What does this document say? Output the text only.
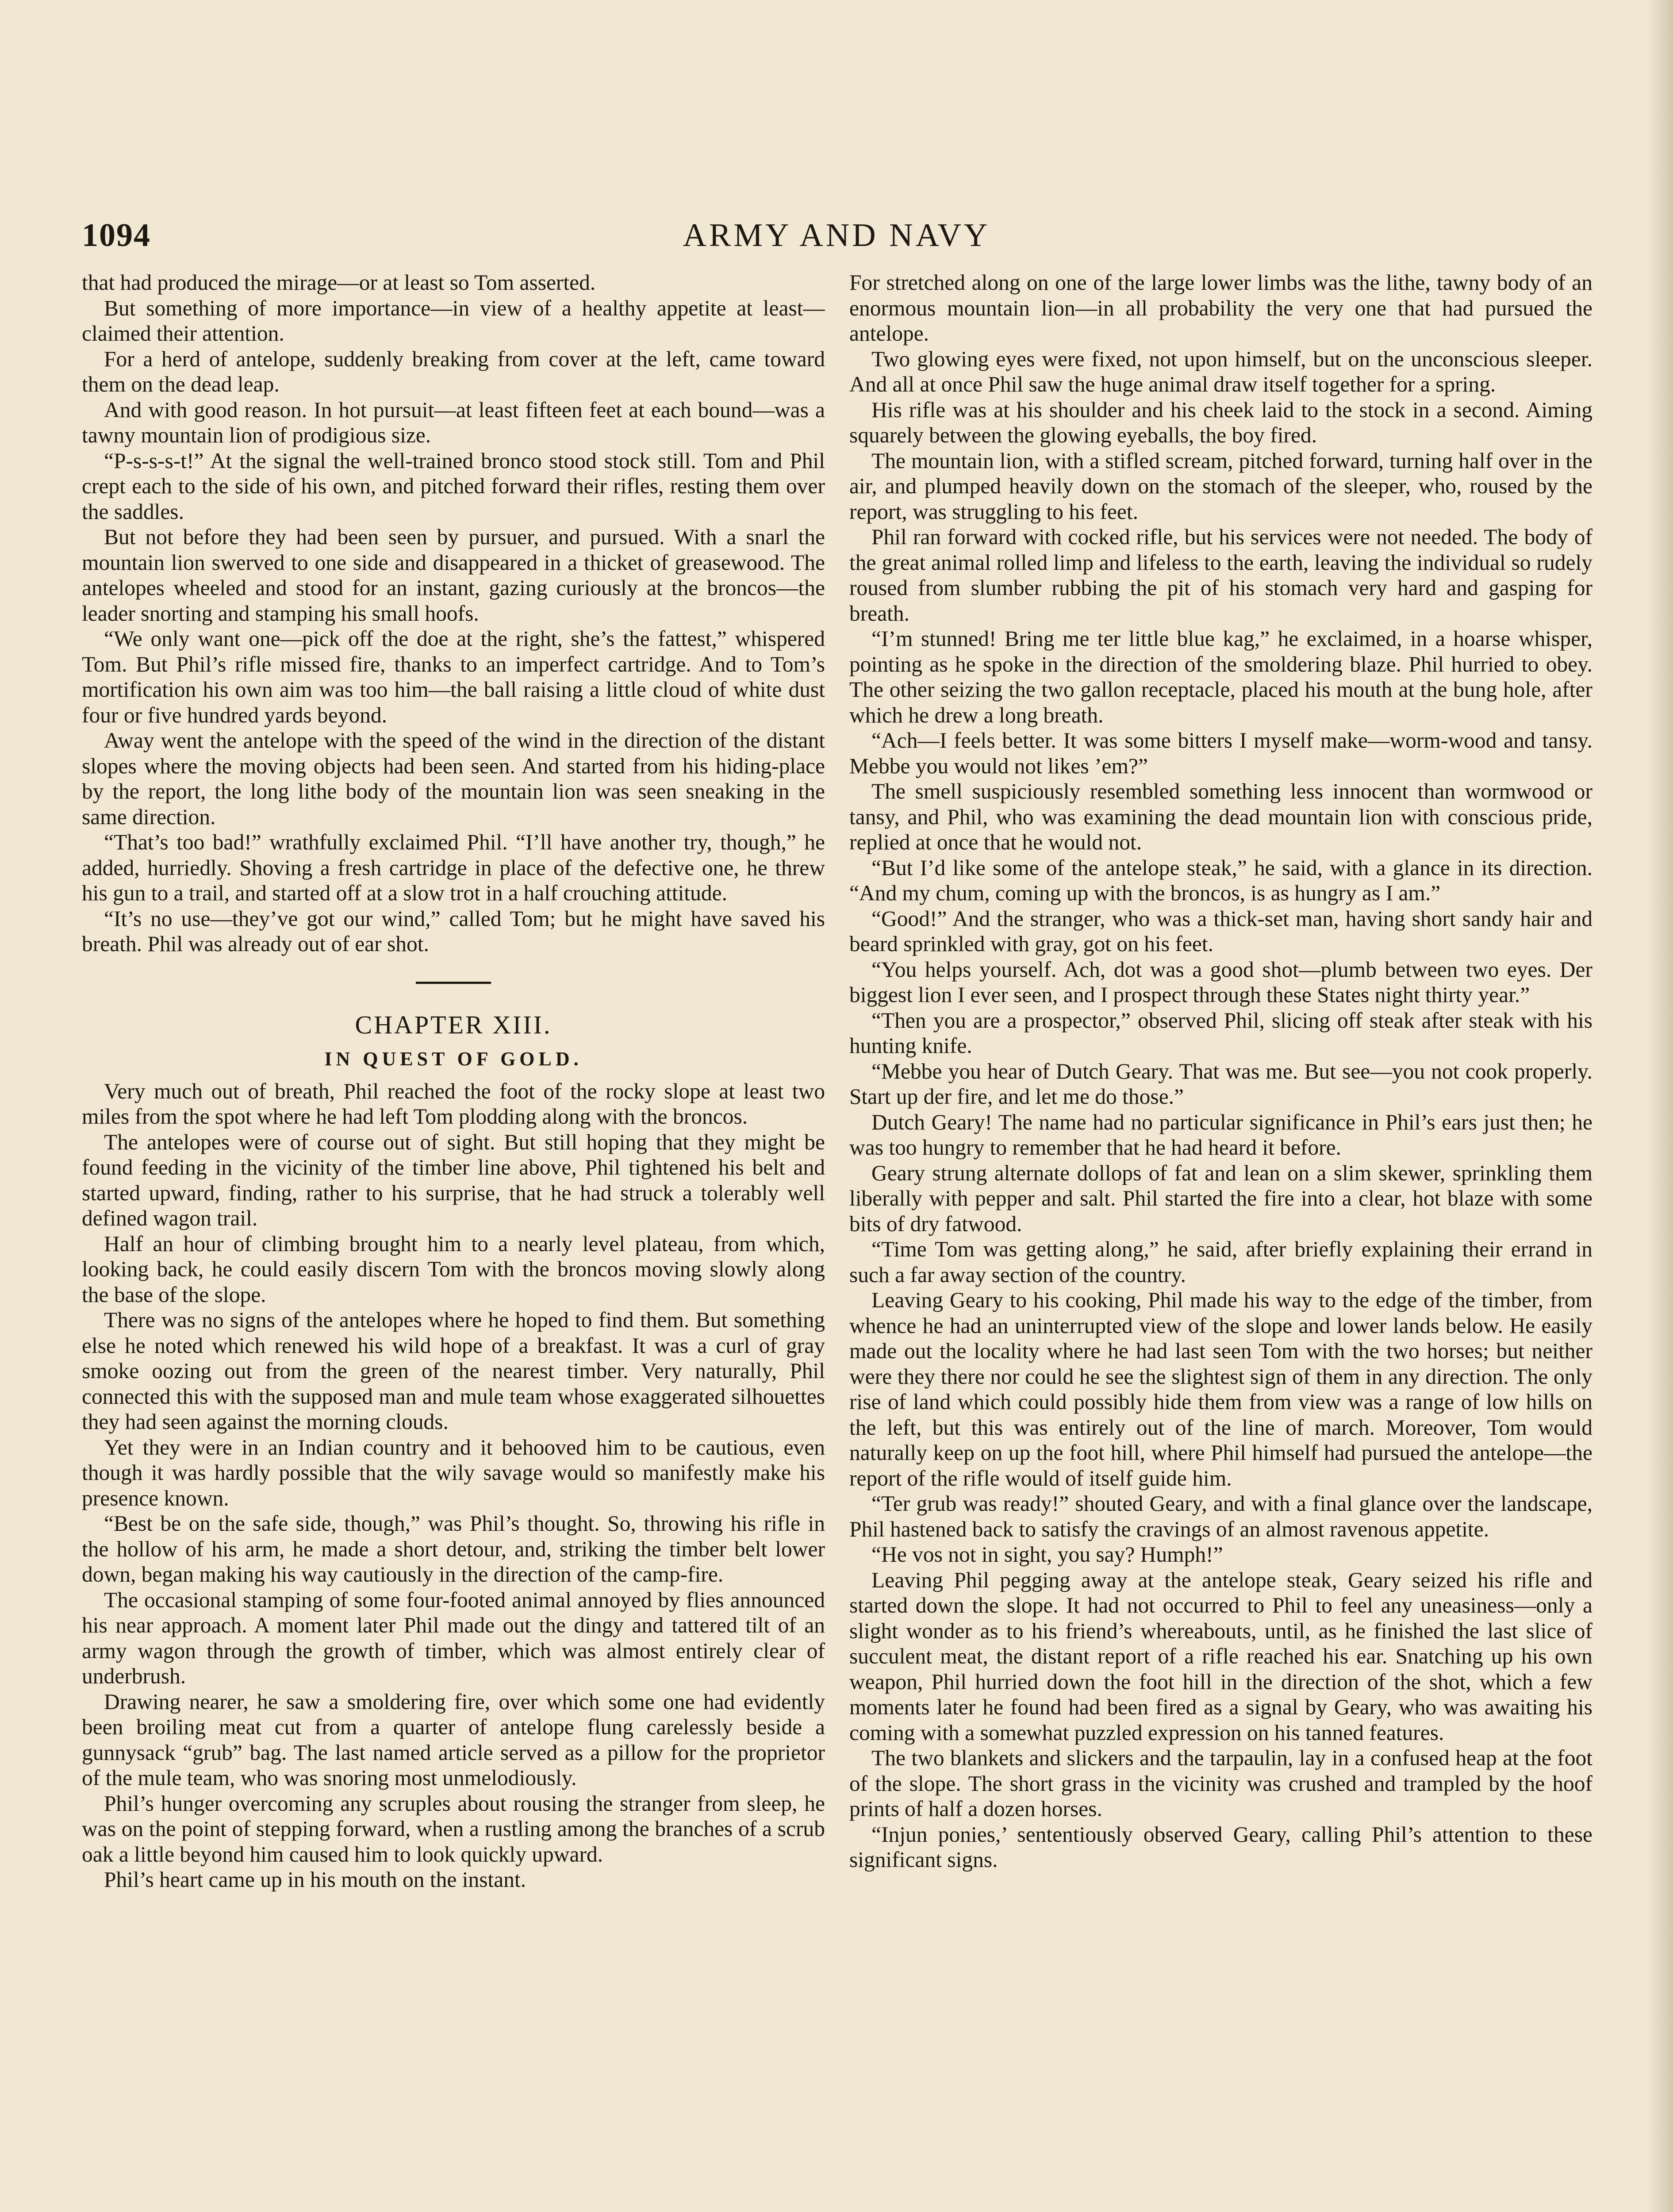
1094	ARMY AND NAVY

that had produced the mirage—or at least so Tom asserted.

But something of more importance—in view of a healthy appetite at least—claimed their attention.

For a herd of antelope, suddenly breaking from cover at the left, came toward them on the dead leap.

And with good reason. In hot pursuit—at least fifteen feet at each bound—was a tawny mountain lion of prodigious size.

“P-s-s-s-t!” At the signal the well-trained bronco stood stock still. Tom and Phil crept each to the side of his own, and pitched forward their rifles, resting them over the saddles.

But not before they had been seen by pursuer, and pursued. With a snarl the mountain lion swerved to one side and disappeared in a thicket of greasewood. The antelopes wheeled and stood for an instant, gazing curiously at the broncos—the leader snorting and stamping his small hoofs.

“We only want one—pick off the doe at the right, she’s the fattest,” whispered Tom. But Phil’s rifle missed fire, thanks to an imperfect cartridge. And to Tom’s mortification his own aim was too him—the ball raising a little cloud of white dust four or five hundred yards beyond.

Away went the antelope with the speed of the wind in the direction of the distant slopes where the moving objects had been seen. And started from his hiding-place by the report, the long lithe body of the mountain lion was seen sneaking in the same direction.

“That’s too bad!” wrathfully exclaimed Phil. “I’ll have another try, though,” he added, hurriedly. Shoving a fresh cartridge in place of the defective one, he threw his gun to a trail, and started off at a slow trot in a half crouching attitude.

“It’s no use—they’ve got our wind,” called Tom; but he might have saved his breath. Phil was already out of ear shot.

CHAPTER XIII.
IN QUEST OF GOLD.

Very much out of breath, Phil reached the foot of the rocky slope at least two miles from the spot where he had left Tom plodding along with the broncos.

The antelopes were of course out of sight. But still hoping that they might be found feeding in the vicinity of the timber line above, Phil tightened his belt and started upward, finding, rather to his surprise, that he had struck a tolerably well defined wagon trail.

Half an hour of climbing brought him to a nearly level plateau, from which, looking back, he could easily discern Tom with the broncos moving slowly along the base of the slope.

There was no signs of the antelopes where he hoped to find them. But something else he noted which renewed his wild hope of a breakfast. It was a curl of gray smoke oozing out from the green of the nearest timber. Very naturally, Phil connected this with the supposed man and mule team whose exaggerated silhouettes they had seen against the morning clouds.

Yet they were in an Indian country and it behooved him to be cautious, even though it was hardly possible that the wily savage would so manifestly make his presence known.

“Best be on the safe side, though,” was Phil’s thought. So, throwing his rifle in the hollow of his arm, he made a short detour, and, striking the timber belt lower down, began making his way cautiously in the direction of the camp-fire.

The occasional stamping of some four-footed animal annoyed by flies announced his near approach. A moment later Phil made out the dingy and tattered tilt of an army wagon through the growth of timber, which was almost entirely clear of underbrush.

Drawing nearer, he saw a smoldering fire, over which some one had evidently been broiling meat cut from a quarter of antelope flung carelessly beside a gunnysack “grub” bag. The last named article served as a pillow for the proprietor of the mule team, who was snoring most unmelodiously.

Phil’s hunger overcoming any scruples about rousing the stranger from sleep, he was on the point of stepping forward, when a rustling among the branches of a scrub oak a little beyond him caused him to look quickly upward.

Phil’s heart came up in his mouth on the instant.

For stretched along on one of the large lower limbs was the lithe, tawny body of an enormous mountain lion—in all probability the very one that had pursued the antelope.

Two glowing eyes were fixed, not upon himself, but on the unconscious sleeper. And all at once Phil saw the huge animal draw itself together for a spring.

His rifle was at his shoulder and his cheek laid to the stock in a second. Aiming squarely between the glowing eyeballs, the boy fired.

The mountain lion, with a stifled scream, pitched forward, turning half over in the air, and plumped heavily down on the stomach of the sleeper, who, roused by the report, was struggling to his feet.

Phil ran forward with cocked rifle, but his services were not needed. The body of the great animal rolled limp and lifeless to the earth, leaving the individual so rudely roused from slumber rubbing the pit of his stomach very hard and gasping for breath.

“I’m stunned! Bring me ter little blue kag,” he exclaimed, in a hoarse whisper, pointing as he spoke in the direction of the smoldering blaze. Phil hurried to obey. The other seizing the two gallon receptacle, placed his mouth at the bung hole, after which he drew a long breath.

“Ach—I feels better. It was some bitters I myself make—worm-wood and tansy. Mebbe you would not likes ’em?”

The smell suspiciously resembled something less innocent than wormwood or tansy, and Phil, who was examining the dead mountain lion with conscious pride, replied at once that he would not.

“But I’d like some of the antelope steak,” he said, with a glance in its direction. “And my chum, coming up with the broncos, is as hungry as I am.”

“Good!” And the stranger, who was a thick-set man, having short sandy hair and beard sprinkled with gray, got on his feet.

“You helps yourself. Ach, dot was a good shot—plumb between two eyes. Der biggest lion I ever seen, and I prospect through these States night thirty year.”

“Then you are a prospector,” observed Phil, slicing off steak after steak with his hunting knife.

“Mebbe you hear of Dutch Geary. That was me. But see—you not cook properly. Start up der fire, and let me do those.”

Dutch Geary! The name had no particular significance in Phil’s ears just then; he was too hungry to remember that he had heard it before.

Geary strung alternate dollops of fat and lean on a slim skewer, sprinkling them liberally with pepper and salt. Phil started the fire into a clear, hot blaze with some bits of dry fatwood.

“Time Tom was getting along,” he said, after briefly explaining their errand in such a far away section of the country.

Leaving Geary to his cooking, Phil made his way to the edge of the timber, from whence he had an uninterrupted view of the slope and lower lands below. He easily made out the locality where he had last seen Tom with the two horses; but neither were they there nor could he see the slightest sign of them in any direction. The only rise of land which could possibly hide them from view was a range of low hills on the left, but this was entirely out of the line of march. Moreover, Tom would naturally keep on up the foot hill, where Phil himself had pursued the antelope—the report of the rifle would of itself guide him.

“Ter grub was ready!” shouted Geary, and with a final glance over the landscape, Phil hastened back to satisfy the cravings of an almost ravenous appetite.

“He vos not in sight, you say? Humph!”

Leaving Phil pegging away at the antelope steak, Geary seized his rifle and started down the slope. It had not occurred to Phil to feel any uneasiness—only a slight wonder as to his friend’s whereabouts, until, as he finished the last slice of succulent meat, the distant report of a rifle reached his ear. Snatching up his own weapon, Phil hurried down the foot hill in the direction of the shot, which a few moments later he found had been fired as a signal by Geary, who was awaiting his coming with a somewhat puzzled expression on his tanned features.

The two blankets and slickers and the tarpaulin, lay in a confused heap at the foot of the slope. The short grass in the vicinity was crushed and trampled by the hoof prints of half a dozen horses.

“Injun ponies,’ sententiously observed Geary, calling Phil’s attention to these significant signs.
